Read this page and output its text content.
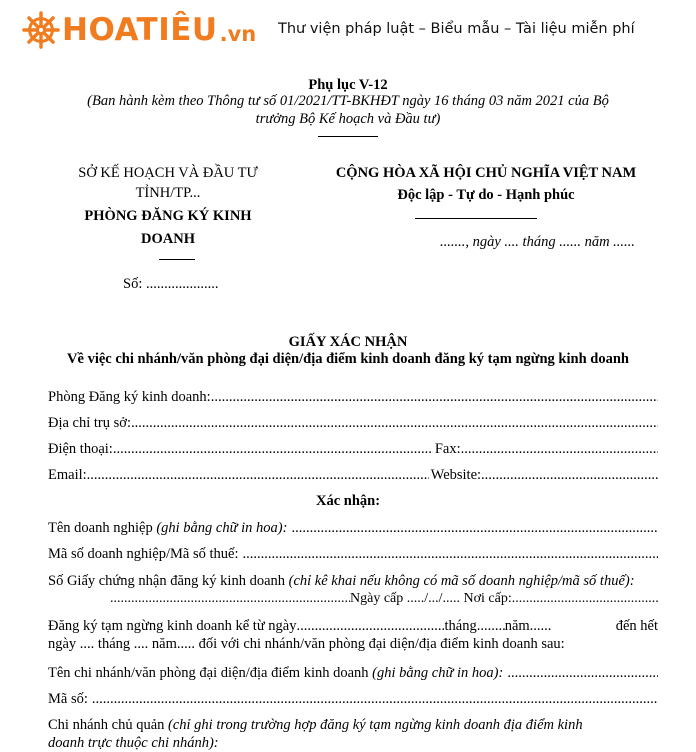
HOATIÊU .vn Thư viện pháp luật – Biểu mẫu – Tài liệu miễn phí
Phụ lục V-12
(Ban hành kèm theo Thông tư số 01/2021/TT-BKHĐT ngày 16 tháng 03 năm 2021 của Bộ
trưởng Bộ Kế hoạch và Đầu tư)
SỞ KẾ HOẠCH VÀ ĐẦU TƯ
TỈNH/TP...
PHÒNG ĐĂNG KÝ KINH
DOANH
Số: ....................
CỘNG HÒA XÃ HỘI CHỦ NGHĨA VIỆT NAM
Độc lập - Tự do - Hạnh phúc
......., ngày .... tháng ...... năm ......
GIẤY XÁC NHẬN
Về việc chi nhánh/văn phòng đại diện/địa điểm kinh doanh đăng ký tạm ngừng kinh doanh
Phòng Đăng ký kinh doanh:
.....
Địa chỉ trụ sở:
.....
Điện thoại: .....	Fax:
.....
Email: .....	Website:
.....
Xác nhận:
Tên doanh nghiệp
(ghi bằng chữ in hoa):
.....
Mã số doanh nghiệp/Mã số thuế:
.....
Số Giấy chứng nhận đăng ký kinh doanh
(chỉ kê khai nếu không có mã số doanh nghiệp/mã số thuế):
.....
Ngày cấp ...../.../.....
Nơi cấp:
.....
Đăng ký tạm ngừng kinh doanh kể từ ngày .....	tháng ..... năm .....	đến hết
ngày .... tháng .... năm..... đối với chi nhánh/văn phòng đại diện/địa điểm kinh doanh sau:
Tên chi nhánh/văn phòng đại diện/địa điểm kinh doanh
(ghi bằng chữ in hoa):
.....
Mã số:
.....
Chi nhánh chủ quản
(chỉ ghi trong trường hợp đăng ký tạm ngừng kinh doanh địa điểm kinh
doanh trực thuộc chi nhánh):
